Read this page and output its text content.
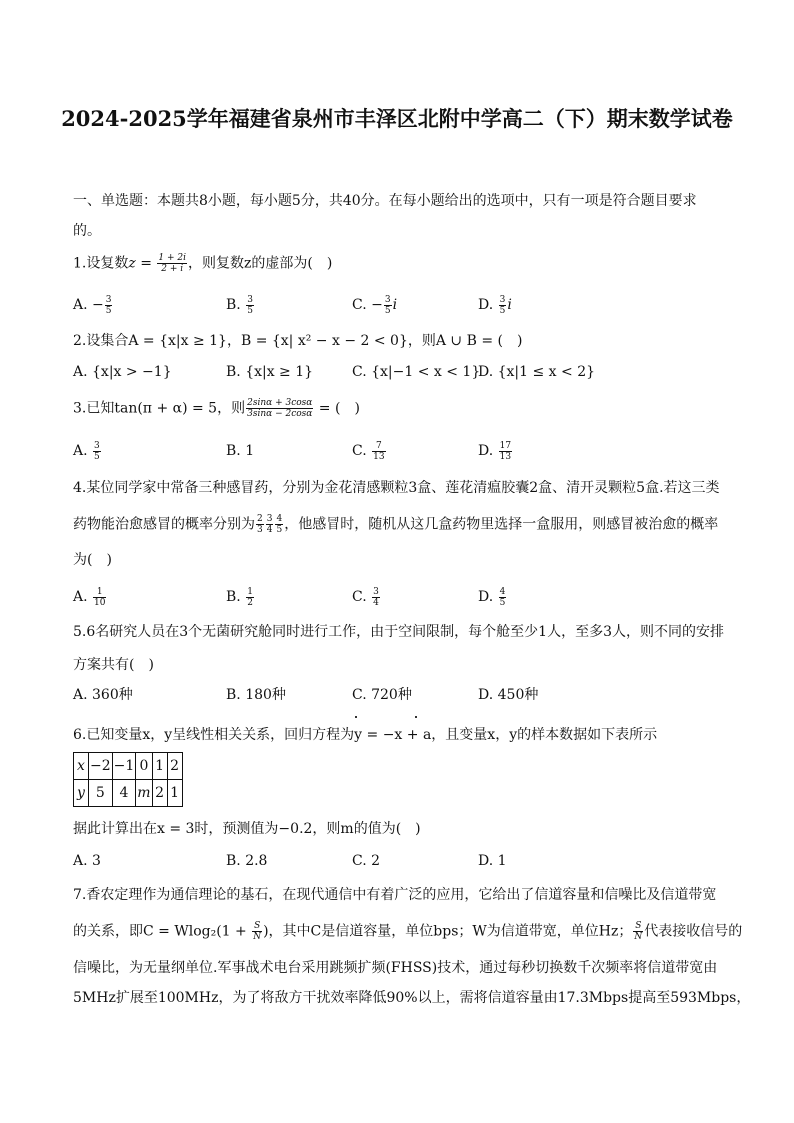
2024-2025学年福建省泉州市丰泽区北附中学高二（下）期末数学试卷
一、单选题：本题共8小题，每小题5分，共40分。在每小题给出的选项中，只有一项是符合题目要求的。
1.设复数$z = \frac{1 + 2i}{2 + i}$ ，则复数z的虚部为(　)
A. − $\frac{3}{5}$	B. $\frac{3}{5}$	C. − $\frac{3}{5}$ i	D. $\frac{3}{5}$ i
2.设集合A = {x|x ≥ 1}，B = {x| x² − x − 2 < 0}，则A ∪ B = (　)
A. {x|x > −1}	B. {x|x ≥ 1}	C. {x|−1 < x < 1}
D. {x|1 ≤ x < 2}
3.已知tan(π + α) = 5，则 $\frac{2\sin\alpha + 3\cos\alpha}{3\sin\alpha - 2\cos\alpha}$ = (　)
A. $\frac{3}{5}$	B. 1	C. $\frac{7}{13}$	D. $\frac{17}{13}$
4.某位同学家中常备三种感冒药，分别为金花清感颗粒3盒、莲花清瘟胶囊2盒、清开灵颗粒5盒.若这三类
药物能治愈感冒的概率分别为 $\frac{2}{3} \frac{3}{4} \frac{4}{5}$ ，他感冒时，随机从这几盒药物里选择一盒服用，则感冒被治愈的概率
为(　)
A. $\frac{1}{10}$	B. $\frac{1}{2}$	C. $\frac{3}{4}$	D. $\frac{4}{5}$
5.6名研究人员在3个无菌研究舱同时进行工作，由于空间限制，每个舱至少1人，至多3人，则不同的安排
方案共有(　)
A. 360种	B. 180种	C. 720种	D. 450种
6.已知变量x，y呈线性相关关系，回归方程为y = −x + a，且变量x，y的样本数据如下表所示
x	−2	−1	0	1	2
y	5	4	m	2	1
据此计算出在x = 3时，预测值为−0.2，则m的值为(　)
A. 3	B. 2.8	C. 2	D. 1
7.香农定理作为通信理论的基石，在现代通信中有着广泛的应用，它给出了信道容量和信噪比及信道带宽
的关系，即$C = Wlog_2(1 + \frac{S}{N}$ )，其中C是信道容量，单位bps；W为信道带宽，单位Hz； $\frac{S}{N}$ 代表接收信号的
信噪比，为无量纲单位.军事战术电台采用跳频扩频(FHSS)技术，通过每秒切换数千次频率将信道带宽由
5MHz扩展至100MHz，为了将敌方干扰效率降低90%以上，需将信道容量由17.3Mbps提高至593Mbps，
